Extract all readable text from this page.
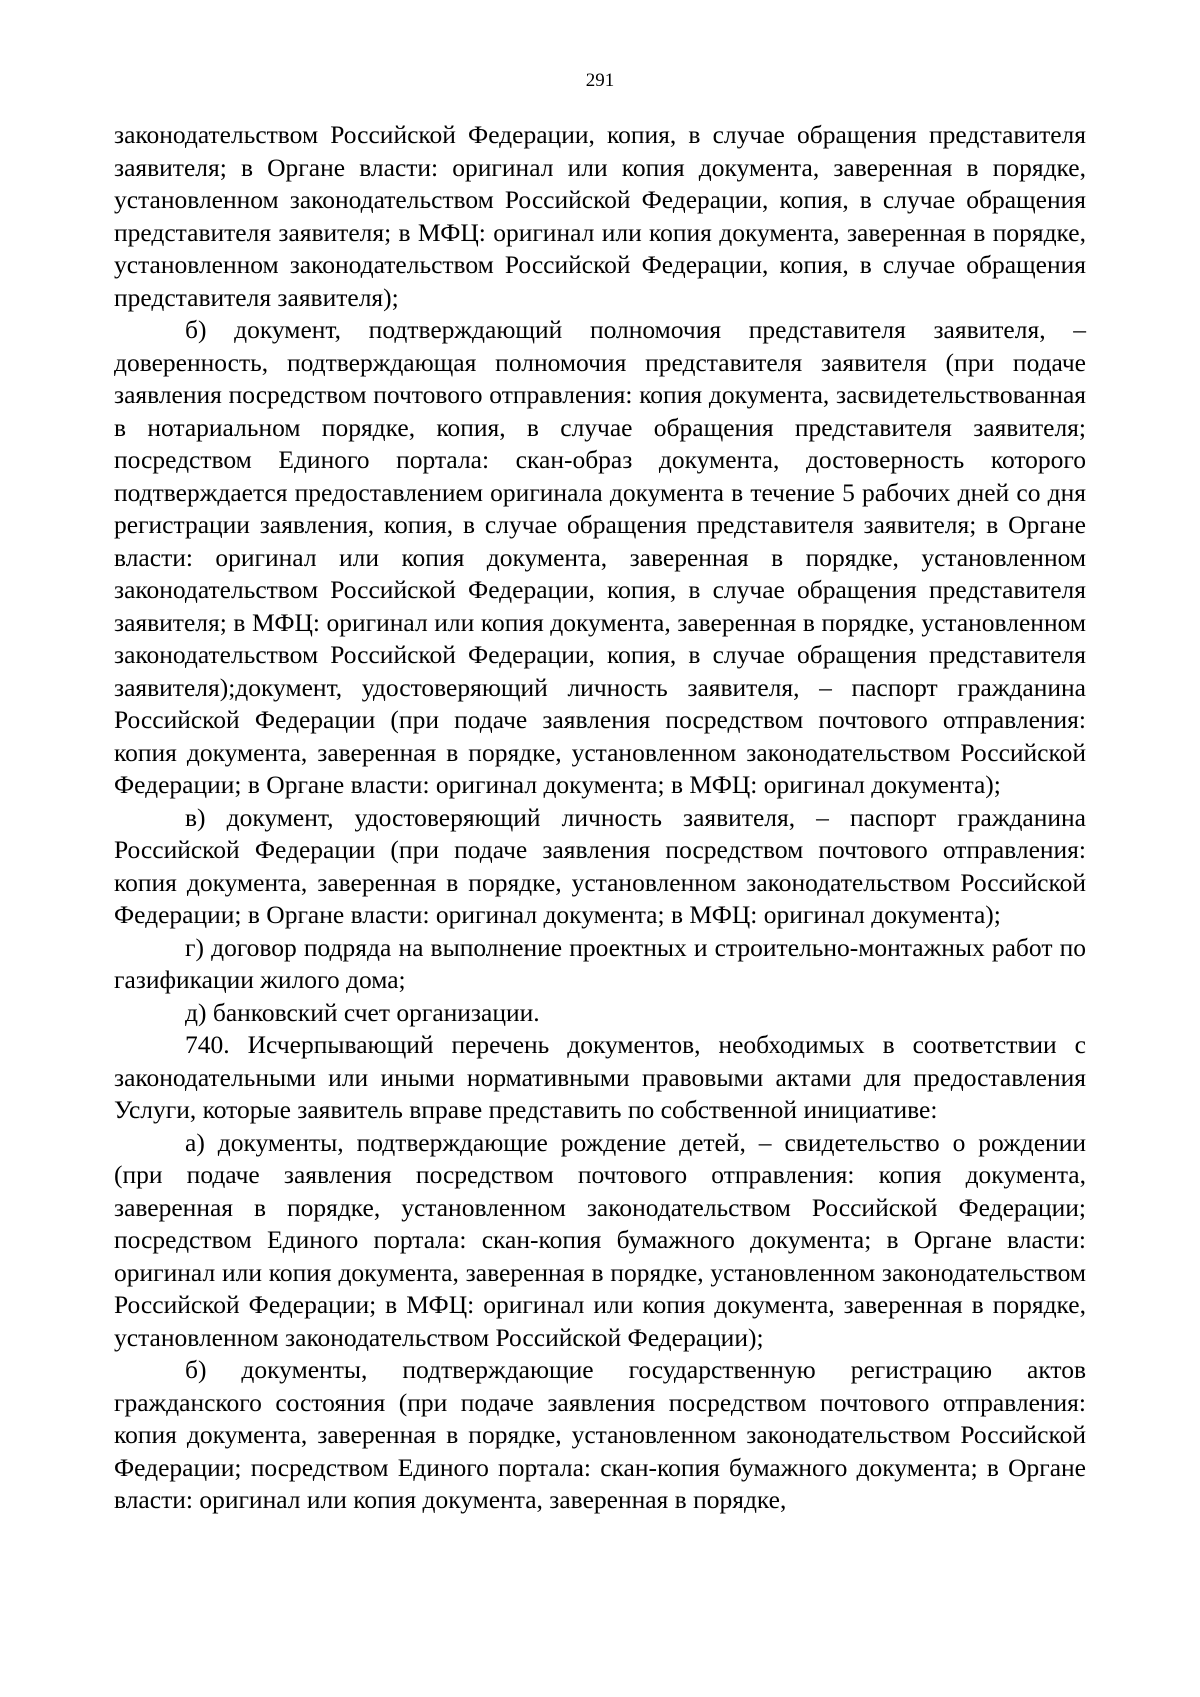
291

законодательством Российской Федерации, копия, в случае обращения представителя заявителя; в Органе власти: оригинал или копия документа, заверенная в порядке, установленном законодательством Российской Федерации, копия, в случае обращения представителя заявителя; в МФЦ: оригинал или копия документа, заверенная в порядке, установленном законодательством Российской Федерации, копия, в случае обращения представителя заявителя);

б) документ, подтверждающий полномочия представителя заявителя, – доверенность, подтверждающая полномочия представителя заявителя (при подаче заявления посредством почтового отправления: копия документа, засвидетельствованная в нотариальном порядке, копия, в случае обращения представителя заявителя; посредством Единого портала: скан-образ документа, достоверность которого подтверждается предоставлением оригинала документа в течение 5 рабочих дней со дня регистрации заявления, копия, в случае обращения представителя заявителя; в Органе власти: оригинал или копия документа, заверенная в порядке, установленном законодательством Российской Федерации, копия, в случае обращения представителя заявителя; в МФЦ: оригинал или копия документа, заверенная в порядке, установленном законодательством Российской Федерации, копия, в случае обращения представителя заявителя);документ, удостоверяющий личность заявителя, – паспорт гражданина Российской Федерации (при подаче заявления посредством почтового отправления: копия документа, заверенная в порядке, установленном законодательством Российской Федерации; в Органе власти: оригинал документа; в МФЦ: оригинал документа);

в) документ, удостоверяющий личность заявителя, – паспорт гражданина Российской Федерации (при подаче заявления посредством почтового отправления: копия документа, заверенная в порядке, установленном законодательством Российской Федерации; в Органе власти: оригинал документа; в МФЦ: оригинал документа);

г) договор подряда на выполнение проектных и строительно-монтажных работ по газификации жилого дома;

д) банковский счет организации.

740. Исчерпывающий перечень документов, необходимых в соответствии с законодательными или иными нормативными правовыми актами для предоставления Услуги, которые заявитель вправе представить по собственной инициативе:

а) документы, подтверждающие рождение детей, – свидетельство о рождении (при подаче заявления посредством почтового отправления: копия документа, заверенная в порядке, установленном законодательством Российской Федерации; посредством Единого портала: скан-копия бумажного документа; в Органе власти: оригинал или копия документа, заверенная в порядке, установленном законодательством Российской Федерации; в МФЦ: оригинал или копия документа, заверенная в порядке, установленном законодательством Российской Федерации);

б) документы, подтверждающие государственную регистрацию актов гражданского состояния (при подаче заявления посредством почтового отправления: копия документа, заверенная в порядке, установленном законодательством Российской Федерации; посредством Единого портала: скан-копия бумажного документа; в Органе власти: оригинал или копия документа, заверенная в порядке,
